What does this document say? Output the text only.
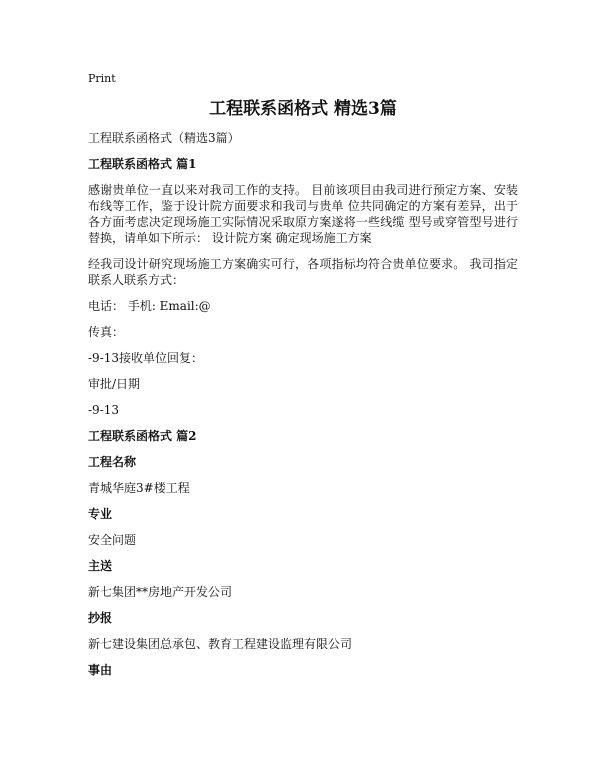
Print
工程联系函格式 精选3篇
工程联系函格式（精选3篇）
工程联系函格式 篇1
感谢贵单位一直以来对我司工作的支持。 目前该项目由我司进行预定方案、安装布线等工作，鉴于设计院方面要求和我司与贵单 位共同确定的方案有差异，出于各方面考虑决定现场施工实际情况采取原方案遂将一些线缆 型号或穿管型号进行替换，请单如下所示： 设计院方案 确定现场施工方案
经我司设计研究现场施工方案确实可行，各项指标均符合贵单位要求。 我司指定联系人联系方式：
电话： 手机: Email:@
传真：
-9-13接收单位回复：
审批/日期
-9-13
工程联系函格式 篇2
工程名称
青城华庭3#楼工程
专业
安全问题
主送
新七集团**房地产开发公司
抄报
新七建设集团总承包、教育工程建设监理有限公司
事由
